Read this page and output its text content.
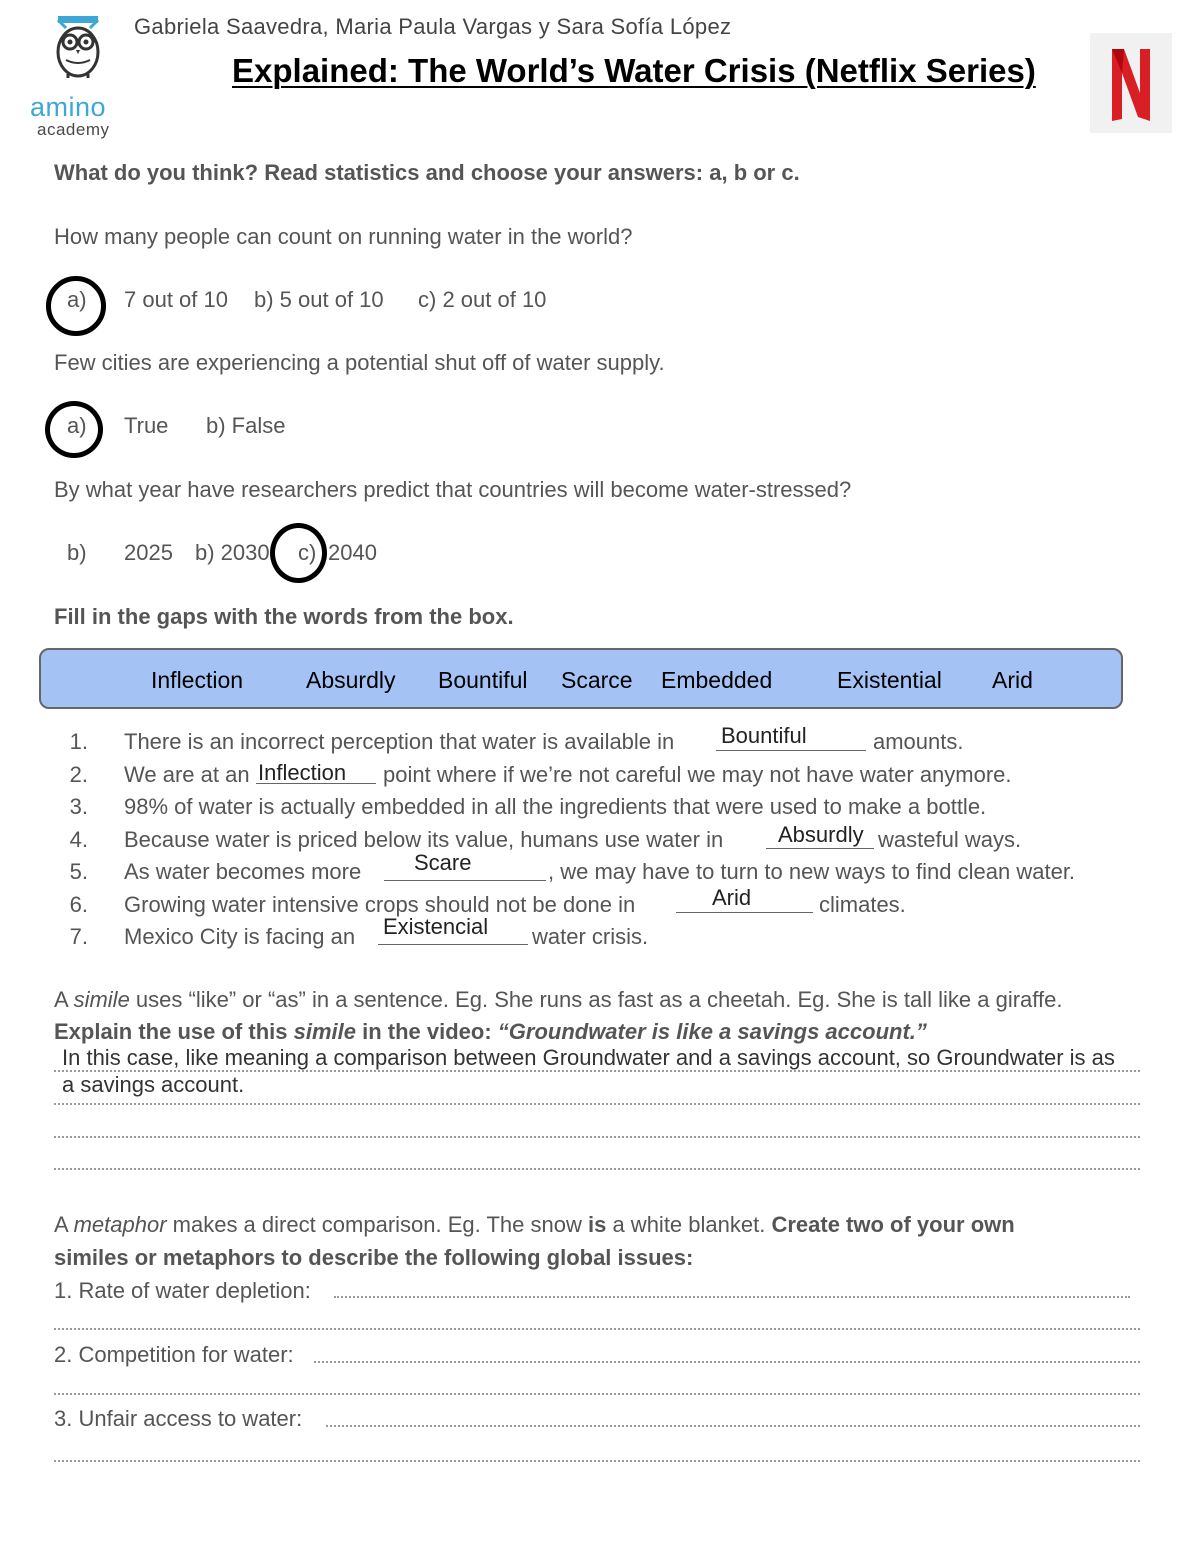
amino
academy
Gabriela Saavedra, Maria Paula Vargas y Sara Sofía López
Explained: The World’s Water Crisis (Netflix Series)
What do you think? Read statistics and choose your answers: a, b or c.
How many people can count on running water in the world?
a) 7 out of 10 b) 5 out of 10 c) 2 out of 10
Few cities are experiencing a potential shut off of water supply.
a) True b) False
By what year have researchers predict that countries will become water-stressed?
b) 2025 b) 2030 c) 2040
Fill in the gaps with the words from the box.
Inflection	Absurdly Bountiful Scarce Embedded	Existential Arid
1. There is an incorrect perception that water is available in Bountiful	amounts.
2. We are at an Inflection point where if we’re not careful we may not have water anymore.
3. 98% of water is actually embedded in all the ingredients that were used to make a bottle.
4. Because water is priced below its value, humans use water in Absurdly wasteful ways.
5. As water becomes more Scare	, we may have to turn to new ways to find clean water.
6. Growing water intensive crops should not be done in	Arid	climates.
7. Mexico City is facing an Existencial water crisis.
A simile uses “like” or “as” in a sentence. Eg. She runs as fast as a cheetah. Eg. She is tall like a giraffe.
Explain the use of this simile in the video: “Groundwater is like a savings account.”
In this case, like meaning a comparison between Groundwater and a savings account, so Groundwater is as
a savings account.
A metaphor makes a direct comparison. Eg. The snow is a white blanket. Create two of your own
similes or metaphors to describe the following global issues:
1. Rate of water depletion:
2. Competition for water:
3. Unfair access to water:
